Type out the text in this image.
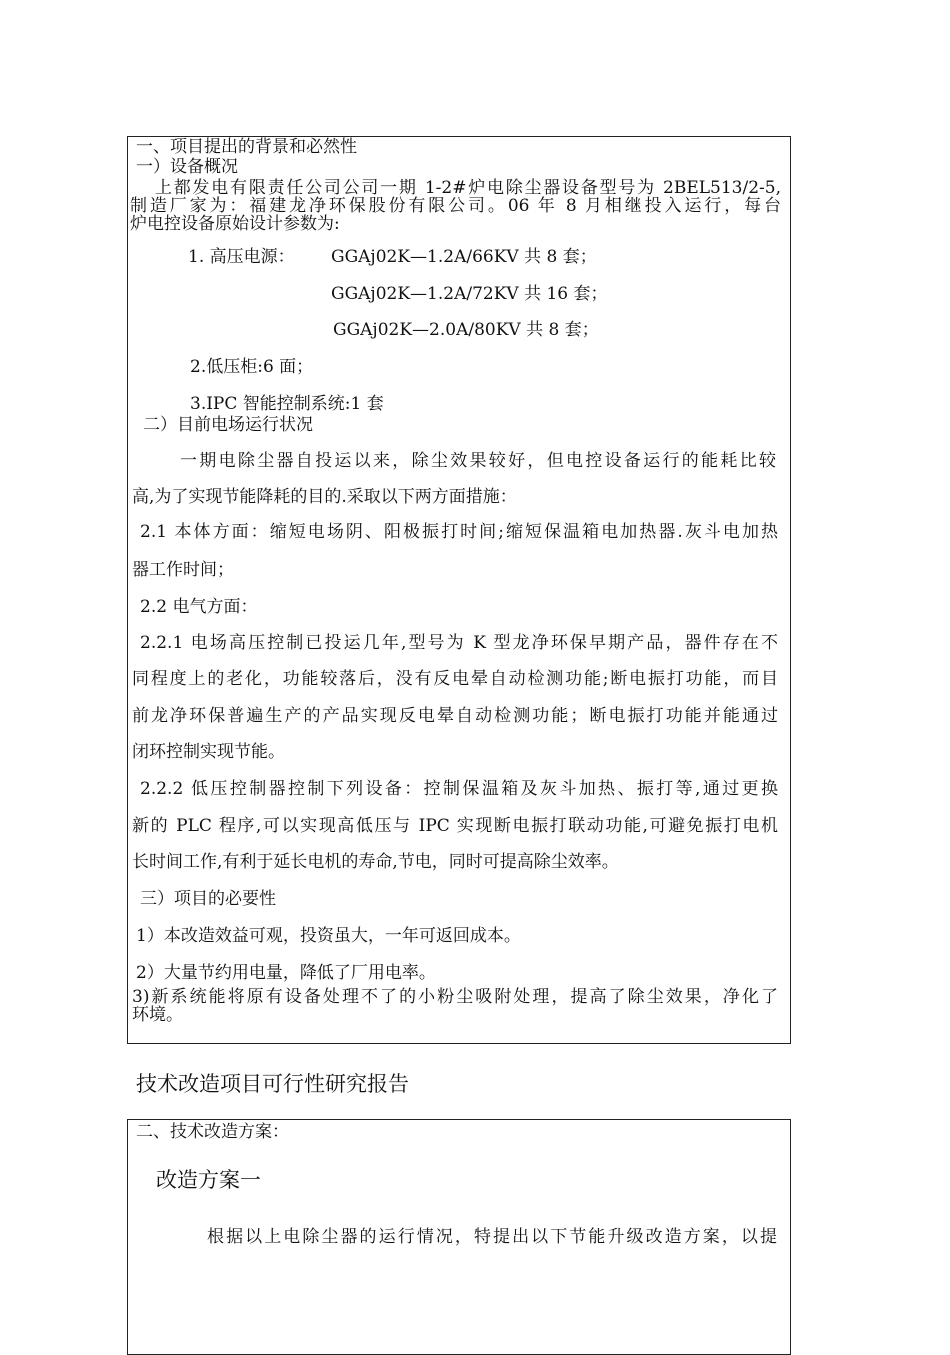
一、项目提出的背景和必然性
一）设备概况
上都发电有限责任公司公司一期 1-2#炉电除尘器设备型号为 2BEL513/2-5,
制造厂家为：福建龙净环保股份有限公司。06 年 8 月相继投入运行，每台
炉电控设备原始设计参数为:
1. 高压电源： GGAj02K—1.2A/66KV 共 8 套；
GGAj02K—1.2A/72KV 共 16 套；
GGAj02K—2.0A/80KV 共 8 套；
2.低压柜:6 面；
3.IPC 智能控制系统:1 套
二）目前电场运行状况
一期电除尘器自投运以来，除尘效果较好，但电控设备运行的能耗比较
高,为了实现节能降耗的目的.采取以下两方面措施：
2.1 本体方面：缩短电场阴、阳极振打时间;缩短保温箱电加热器.灰斗电加热
器工作时间；
2.2 电气方面：
2.2.1 电场高压控制已投运几年,型号为 K 型龙净环保早期产品，器件存在不
同程度上的老化，功能较落后，没有反电晕自动检测功能;断电振打功能，而目
前龙净环保普遍生产的产品实现反电晕自动检测功能；断电振打功能并能通过
闭环控制实现节能。
2.2.2 低压控制器控制下列设备：控制保温箱及灰斗加热、振打等,通过更换
新的 PLC 程序,可以实现高低压与 IPC 实现断电振打联动功能,可避免振打电机
长时间工作,有利于延长电机的寿命,节电，同时可提高除尘效率。
三）项目的必要性
1）本改造效益可观，投资虽大，一年可返回成本。
2）大量节约用电量，降低了厂用电率。
3)新系统能将原有设备处理不了的小粉尘吸附处理，提高了除尘效果，净化了
环境。
技术改造项目可行性研究报告
二、技术改造方案：
改造方案一
根据以上电除尘器的运行情况，特提出以下节能升级改造方案，以提
